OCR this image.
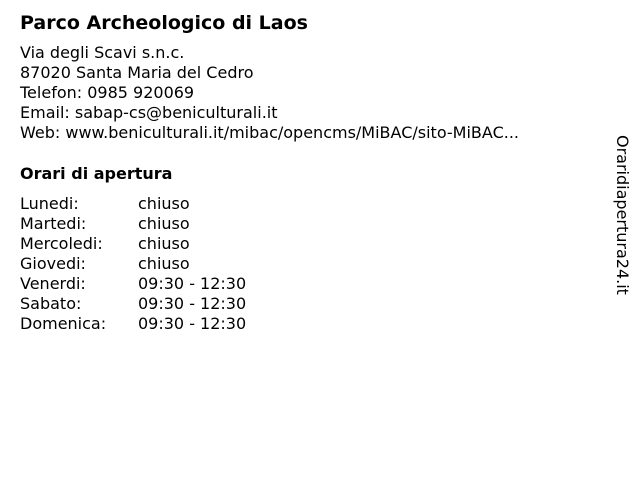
Parco Archeologico di Laos
Via degli Scavi s.n.c.
87020 Santa Maria del Cedro
Telefon: 0985 920069
Email: sabap-cs@beniculturali.it
Web: www.beniculturali.it/mibac/opencms/MiBAC/sito-MiBAC...
Orari di apertura
Lunedi:	chiuso
Martedi:	chiuso
Mercoledi: chiuso
Giovedi:	chiuso
Venerdi:	09:30 - 12:30
Sabato:	09:30 - 12:30
Domenica: 09:30 - 12:30
Oraridiapertura24.it
